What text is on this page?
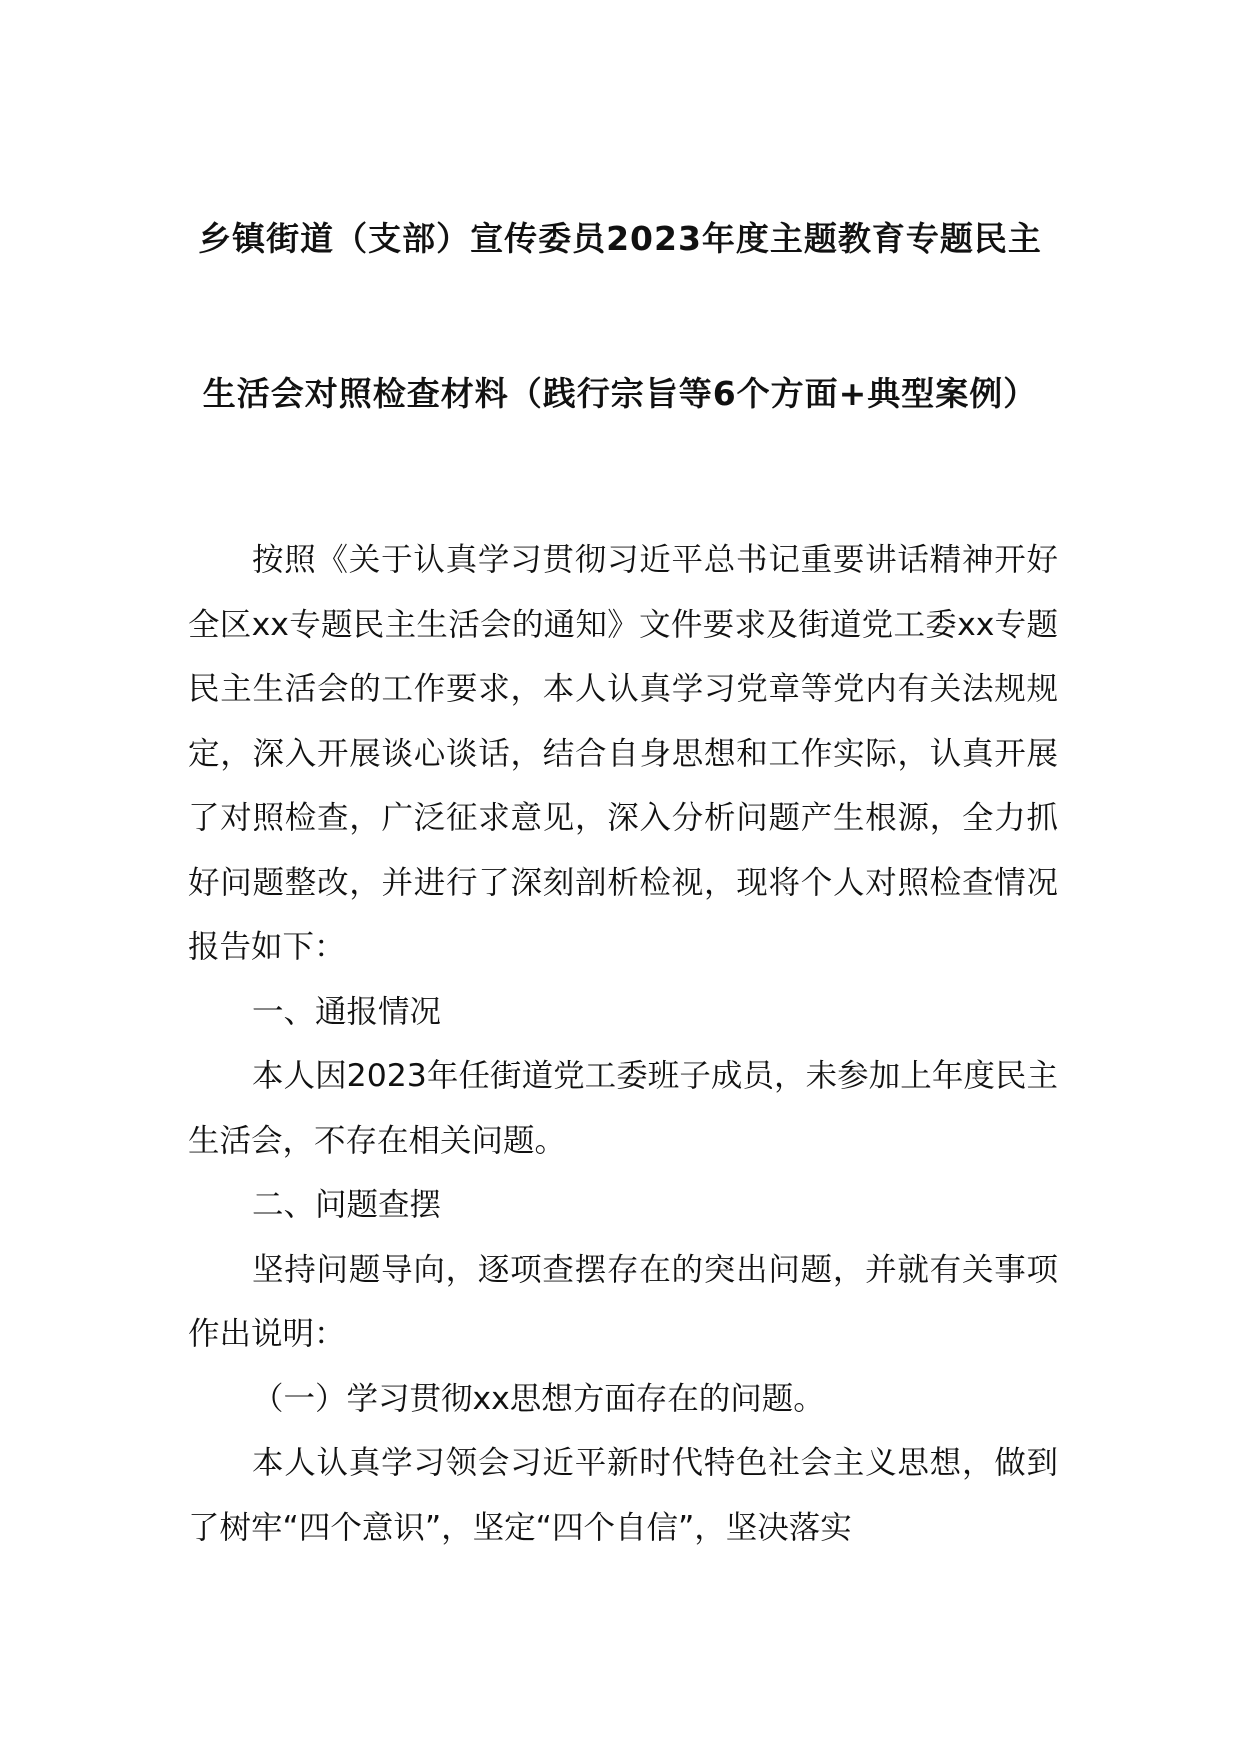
乡镇街道（支部）宣传委员2023年度主题教育专题民主
生活会对照检查材料（践行宗旨等6个方面+典型案例）

按照《关于认真学习贯彻习近平总书记重要讲话精神开好全区xx专题民主生活会的通知》文件要求及街道党工委xx专题民主生活会的工作要求，本人认真学习党章等党内有关法规规定，深入开展谈心谈话，结合自身思想和工作实际，认真开展了对照检查，广泛征求意见，深入分析问题产生根源，全力抓好问题整改，并进行了深刻剖析检视，现将个人对照检查情况报告如下：

一、通报情况

本人因2023年任街道党工委班子成员，未参加上年度民主生活会，不存在相关问题。

二、问题查摆

坚持问题导向，逐项查摆存在的突出问题，并就有关事项作出说明：

（一）学习贯彻xx思想方面存在的问题。

本人认真学习领会习近平新时代特色社会主义思想，做到了树牢“四个意识”，坚定“四个自信”，坚决落实
